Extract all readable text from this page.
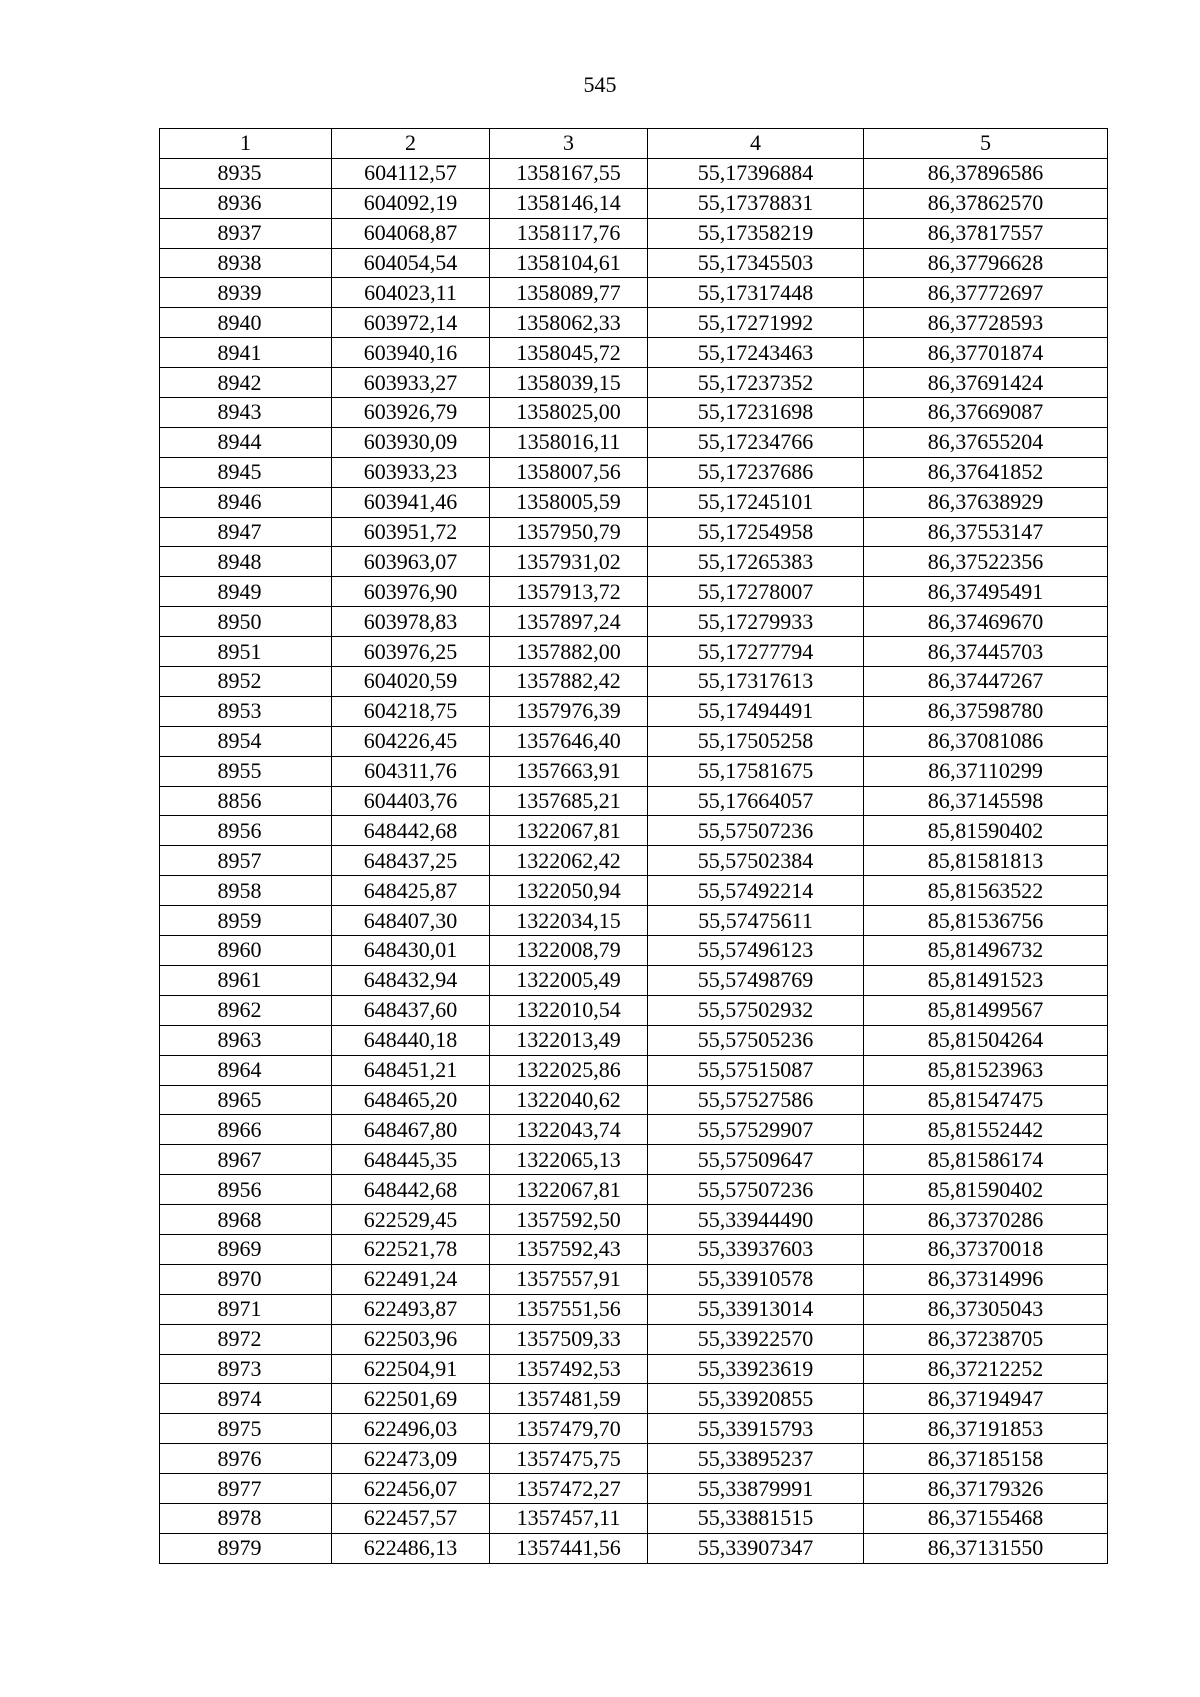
545
1	2	3	4	5
8935	604112,57	1358167,55	55,17396884	86,37896586
8936	604092,19	1358146,14	55,17378831	86,37862570
8937	604068,87	1358117,76	55,17358219	86,37817557
8938	604054,54	1358104,61	55,17345503	86,37796628
8939	604023,11	1358089,77	55,17317448	86,37772697
8940	603972,14	1358062,33	55,17271992	86,37728593
8941	603940,16	1358045,72	55,17243463	86,37701874
8942	603933,27	1358039,15	55,17237352	86,37691424
8943	603926,79	1358025,00	55,17231698	86,37669087
8944	603930,09	1358016,11	55,17234766	86,37655204
8945	603933,23	1358007,56	55,17237686	86,37641852
8946	603941,46	1358005,59	55,17245101	86,37638929
8947	603951,72	1357950,79	55,17254958	86,37553147
8948	603963,07	1357931,02	55,17265383	86,37522356
8949	603976,90	1357913,72	55,17278007	86,37495491
8950	603978,83	1357897,24	55,17279933	86,37469670
8951	603976,25	1357882,00	55,17277794	86,37445703
8952	604020,59	1357882,42	55,17317613	86,37447267
8953	604218,75	1357976,39	55,17494491	86,37598780
8954	604226,45	1357646,40	55,17505258	86,37081086
8955	604311,76	1357663,91	55,17581675	86,37110299
8856	604403,76	1357685,21	55,17664057	86,37145598
8956	648442,68	1322067,81	55,57507236	85,81590402
8957	648437,25	1322062,42	55,57502384	85,81581813
8958	648425,87	1322050,94	55,57492214	85,81563522
8959	648407,30	1322034,15	55,57475611	85,81536756
8960	648430,01	1322008,79	55,57496123	85,81496732
8961	648432,94	1322005,49	55,57498769	85,81491523
8962	648437,60	1322010,54	55,57502932	85,81499567
8963	648440,18	1322013,49	55,57505236	85,81504264
8964	648451,21	1322025,86	55,57515087	85,81523963
8965	648465,20	1322040,62	55,57527586	85,81547475
8966	648467,80	1322043,74	55,57529907	85,81552442
8967	648445,35	1322065,13	55,57509647	85,81586174
8956	648442,68	1322067,81	55,57507236	85,81590402
8968	622529,45	1357592,50	55,33944490	86,37370286
8969	622521,78	1357592,43	55,33937603	86,37370018
8970	622491,24	1357557,91	55,33910578	86,37314996
8971	622493,87	1357551,56	55,33913014	86,37305043
8972	622503,96	1357509,33	55,33922570	86,37238705
8973	622504,91	1357492,53	55,33923619	86,37212252
8974	622501,69	1357481,59	55,33920855	86,37194947
8975	622496,03	1357479,70	55,33915793	86,37191853
8976	622473,09	1357475,75	55,33895237	86,37185158
8977	622456,07	1357472,27	55,33879991	86,37179326
8978	622457,57	1357457,11	55,33881515	86,37155468
8979	622486,13	1357441,56	55,33907347	86,37131550
